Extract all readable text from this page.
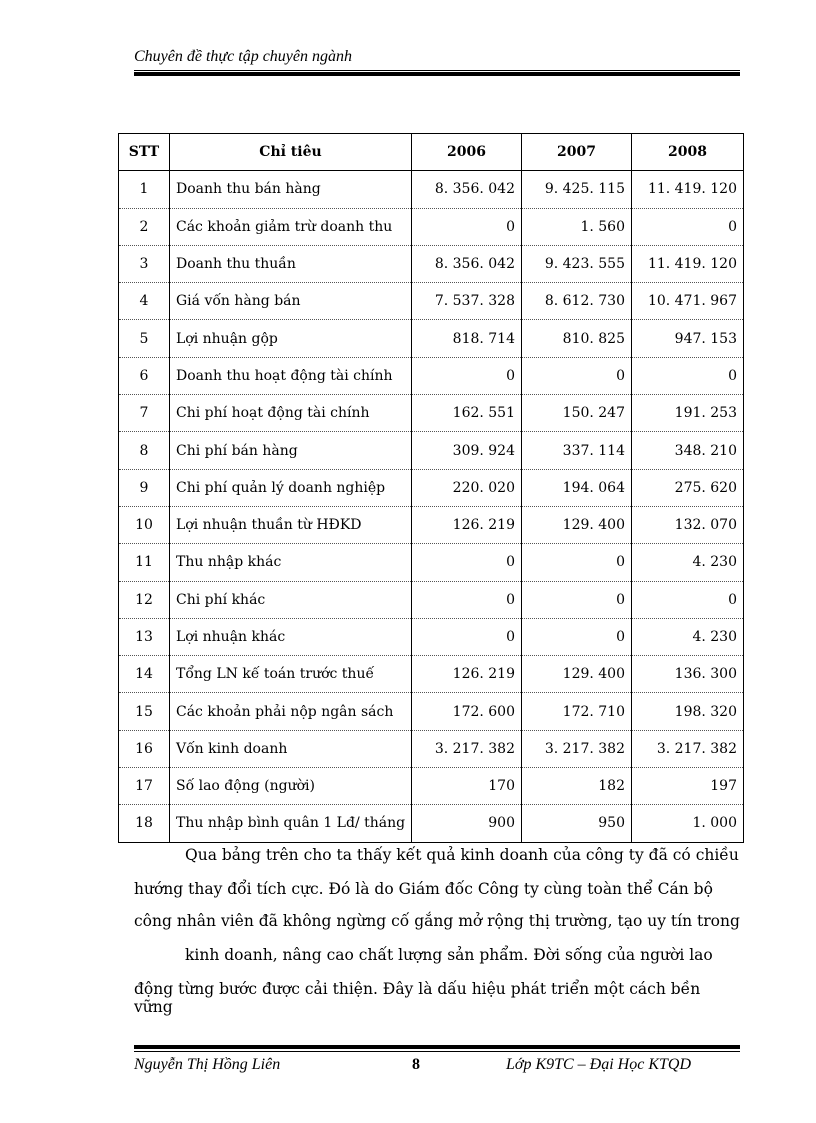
Chuyên đề thực tập chuyên ngành
STT	Chỉ tiêu	2006	2007	2008
1	Doanh thu bán hàng	8. 356. 042	9. 425. 115	11. 419. 120
2	Các khoản giảm trừ doanh thu	0	1. 560	0
3	Doanh thu thuần	8. 356. 042	9. 423. 555	11. 419. 120
4	Giá vốn hàng bán	7. 537. 328	8. 612. 730	10. 471. 967
5	Lợi nhuận gộp	818. 714	810. 825	947. 153
6	Doanh thu hoạt động tài chính	0	0	0
7	Chi phí hoạt động tài chính	162. 551	150. 247	191. 253
8	Chi phí bán hàng	309. 924	337. 114	348. 210
9	Chi phí quản lý doanh nghiệp	220. 020	194. 064	275. 620
10	Lợi nhuận thuần từ HĐKD	126. 219	129. 400	132. 070
11	Thu nhập khác	0	0	4. 230
12	Chi phí khác	0	0	0
13	Lợi nhuận khác	0	0	4. 230
14	Tổng LN kế toán trước thuế	126. 219	129. 400	136. 300
15	Các khoản phải nộp ngân sách	172. 600	172. 710	198. 320
16	Vốn kinh doanh	3. 217. 382	3. 217. 382	3. 217. 382
17	Số lao động (người)	170	182	197
18	Thu nhập bình quân 1 Lđ/ tháng	900	950	1. 000
Qua bảng trên cho ta thấy kết quả kinh doanh của công ty đã có chiều
hướng thay đổi tích cực. Đó là do Giám đốc Công ty cùng toàn thể Cán bộ
công nhân viên đã không ngừng cố gắng mở rộng thị trường, tạo uy tín trong
kinh doanh, nâng cao chất lượng sản phẩm. Đời sống của người lao
động từng bước được cải thiện. Đây là dấu hiệu phát triển một cách bền vững
Nguyễn Thị Hồng Liên	8	Lớp K9TC – Đại Học KTQD
